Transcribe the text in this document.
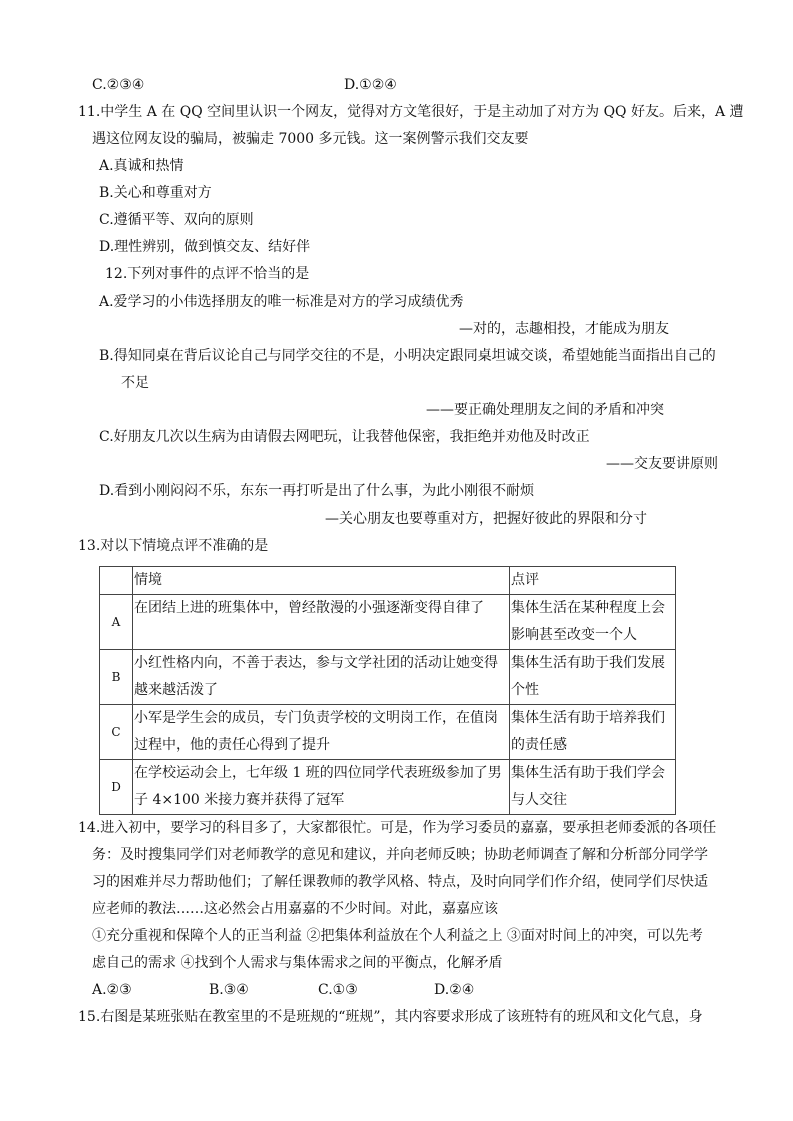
C.②③④	D.①②④
11.中学生 A 在 QQ 空间里认识一个网友，觉得对方文笔很好，于是主动加了对方为 QQ 好友。后来，A 遭
遇这位网友设的骗局，被骗走 7000 多元钱。这一案例警示我们交友要
A.真诚和热情
B.关心和尊重对方
C.遵循平等、双向的原则
D.理性辨别，做到慎交友、结好伴
12.下列对事件的点评不恰当的是
A.爱学习的小伟选择朋友的唯一标准是对方的学习成绩优秀
—对的，志趣相投，才能成为朋友
B.得知同桌在背后议论自己与同学交往的不是，小明决定跟同桌坦诚交谈，希望她能当面指出自己的
不足
——要正确处理朋友之间的矛盾和冲突
C.好朋友几次以生病为由请假去网吧玩，让我替他保密，我拒绝并劝他及时改正
——交友要讲原则
D.看到小刚闷闷不乐，东东一再打听是出了什么事，为此小刚很不耐烦
—关心朋友也要尊重对方，把握好彼此的界限和分寸
13.对以下情境点评不准确的是
	情境	点评
A	在团结上进的班集体中，曾经散漫的小强逐渐变得自律了	集体生活在某种程度上会影响甚至改变一个人
B	小红性格内向，不善于表达，参与文学社团的活动让她变得越来越活泼了	集体生活有助于我们发展个性
C	小军是学生会的成员，专门负责学校的文明岗工作，在值岗过程中，他的责任心得到了提升	集体生活有助于培养我们的责任感
D	在学校运动会上，七年级 1 班的四位同学代表班级参加了男子 4×100 米接力赛并获得了冠军	集体生活有助于我们学会与人交往
14.进入初中，要学习的科目多了，大家都很忙。可是，作为学习委员的嘉嘉，要承担老师委派的各项任
务：及时搜集同学们对老师教学的意见和建议，并向老师反映；协助老师调查了解和分析部分同学学
习的困难并尽力帮助他们；了解任课教师的教学风格、特点，及时向同学们作介绍，使同学们尽快适
应老师的教法……这必然会占用嘉嘉的不少时间。对此，嘉嘉应该
①充分重视和保障个人的正当利益 ②把集体利益放在个人利益之上 ③面对时间上的冲突，可以先考
虑自己的需求 ④找到个人需求与集体需求之间的平衡点，化解矛盾
A.②③	B.③④	C.①③	D.②④
15.右图是某班张贴在教室里的不是班规的“班规”，其内容要求形成了该班特有的班风和文化气息，身
